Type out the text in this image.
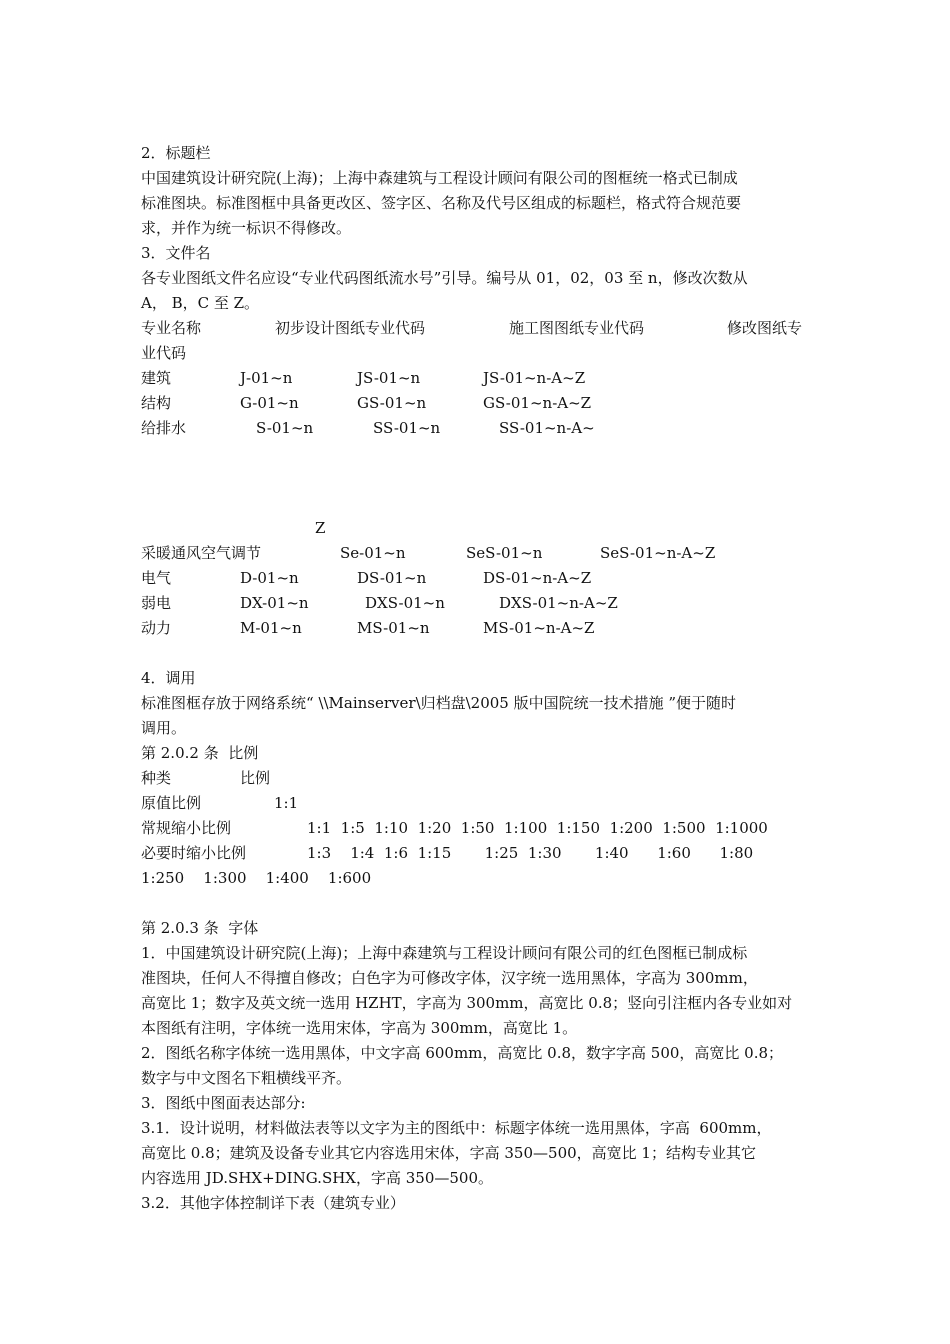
2．标题栏
中国建筑设计研究院(上海)；上海中森建筑与工程设计顾问有限公司的图框统一格式已制成
标准图块。标准图框中具备更改区、签字区、名称及代号区组成的标题栏，格式符合规范要
求，并作为统一标识不得修改。
3．文件名
各专业图纸文件名应设“专业代码图纸流水号”引导。编号从 01，02，03 至 n，修改次数从
A， B，C 至 Z。
专业名称	初步设计图纸专业代码	施工图图纸专业代码	修改图纸专
业代码
建筑	J-01~n	JS-01~n	JS-01~n-A~Z
结构	G-01~n	GS-01~n	GS-01~n-A~Z
给排水	S-01~n	SS-01~n	SS-01~n-A~
Z
采暖通风空气调节	Se-01~n	SeS-01~n	SeS-01~n-A~Z
电气	D-01~n	DS-01~n	DS-01~n-A~Z
弱电	DX-01~n	DXS-01~n	DXS-01~n-A~Z
动力	M-01~n	MS-01~n	MS-01~n-A~Z
4．调用
标准图框存放于网络系统“ \\Mainserver\归档盘\2005 版中国院统一技术措施 ”便于随时
调用。
第 2.0.2 条  比例
种类	比例
原值比例	1:1
常规缩小比例	1:1  1:5  1:10  1:20  1:50  1:100  1:150  1:200  1:500  1:1000
必要时缩小比例	1:3    1:4  1:6  1:15       1:25  1:30       1:40      1:60      1:80
1:250    1:300    1:400    1:600
第 2.0.3 条  字体
1．中国建筑设计研究院(上海)；上海中森建筑与工程设计顾问有限公司的红色图框已制成标
准图块，任何人不得擅自修改；白色字为可修改字体，汉字统一选用黑体，字高为 300mm，
高宽比 1；数字及英文统一选用 HZHT，字高为 300mm，高宽比 0.8；竖向引注框内各专业如对
本图纸有注明，字体统一选用宋体，字高为 300mm，高宽比 1。
2．图纸名称字体统一选用黑体，中文字高 600mm，高宽比 0.8，数字字高 500，高宽比 0.8；
数字与中文图名下粗横线平齐。
3．图纸中图面表达部分:
3.1．设计说明，材料做法表等以文字为主的图纸中：标题字体统一选用黑体，字高  600mm，
高宽比 0.8；建筑及设备专业其它内容选用宋体，字高 350—500，高宽比 1；结构专业其它
内容选用 JD.SHX+DING.SHX，字高 350—500。
3.2．其他字体控制详下表（建筑专业）
